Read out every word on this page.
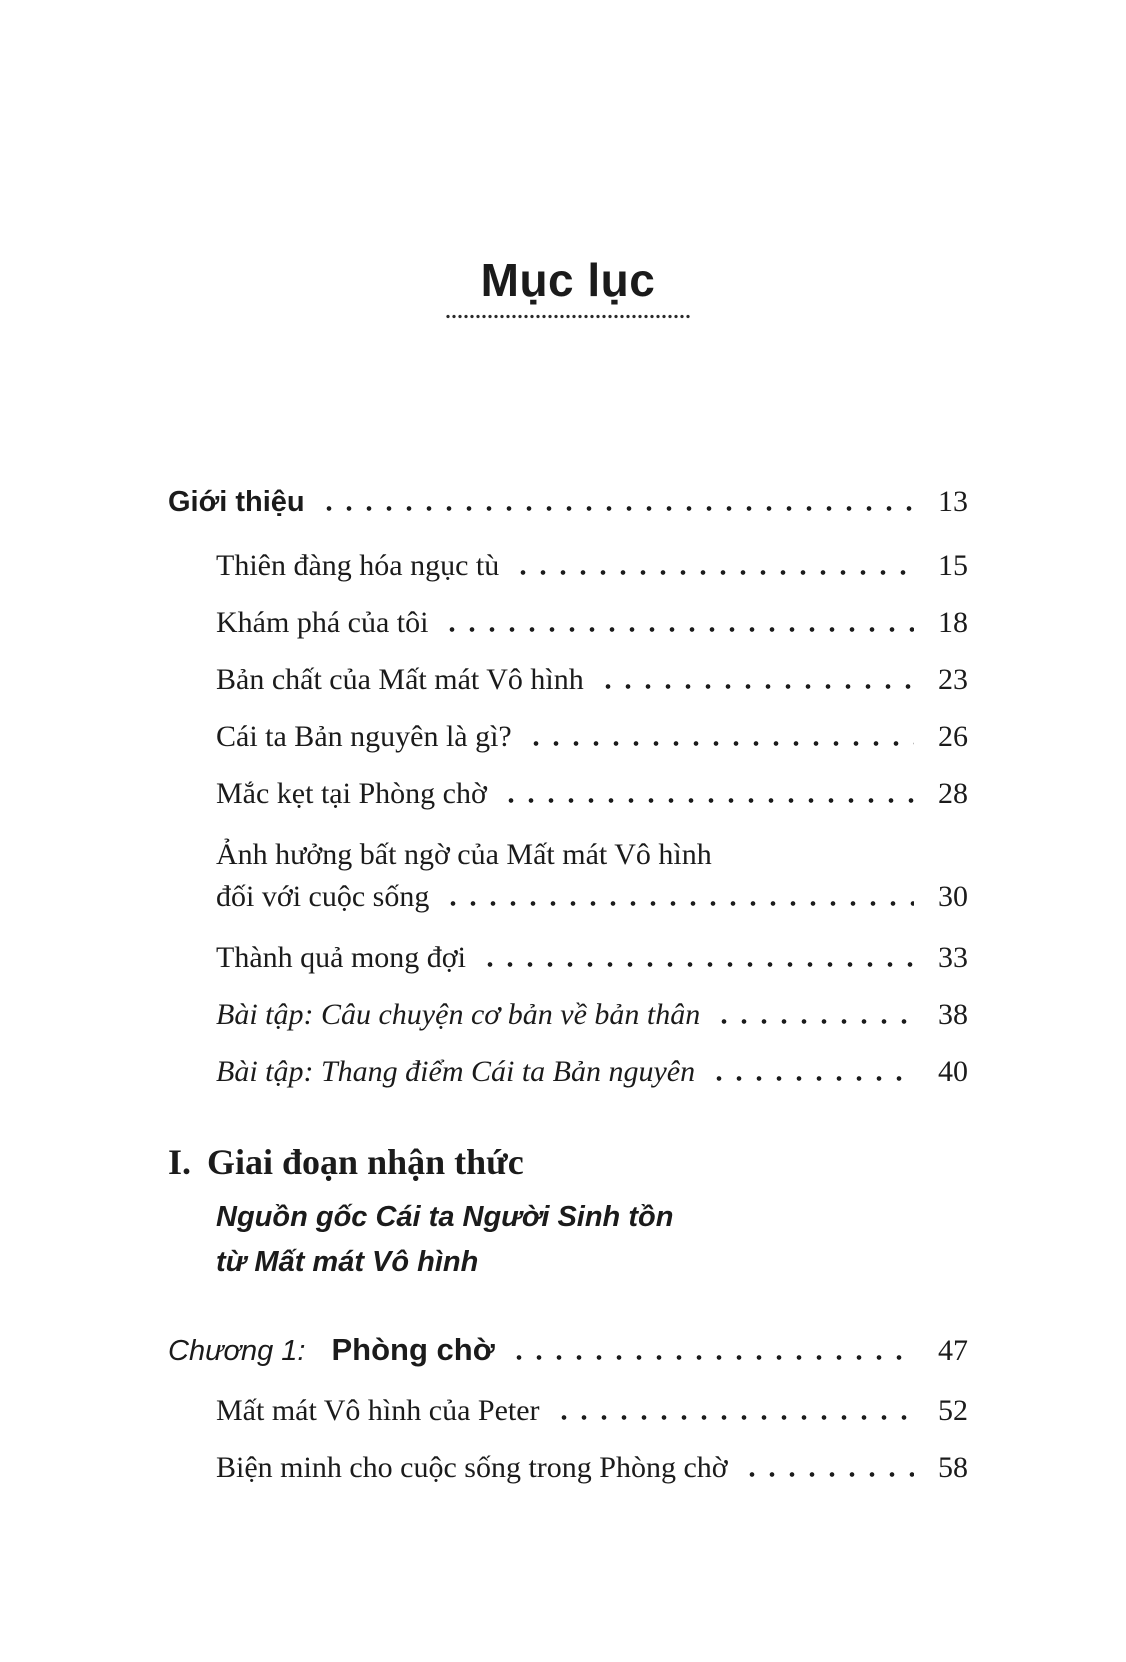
Mục lục
Giới thiệu	13
Thiên đàng hóa ngục tù	15
Khám phá của tôi	18
Bản chất của Mất mát Vô hình	23
Cái ta Bản nguyên là gì?	26
Mắc kẹt tại Phòng chờ	28
Ảnh hưởng bất ngờ của Mất mát Vô hình
đối với cuộc sống	30
Thành quả mong đợi	33
Bài tập: Câu chuyện cơ bản về bản thân	38
Bài tập: Thang điểm Cái ta Bản nguyên	40
I. Giai đoạn nhận thức
Nguồn gốc Cái ta Người Sinh tồn
từ Mất mát Vô hình
Chương 1: Phòng chờ	47
Mất mát Vô hình của Peter	52
Biện minh cho cuộc sống trong Phòng chờ	58
